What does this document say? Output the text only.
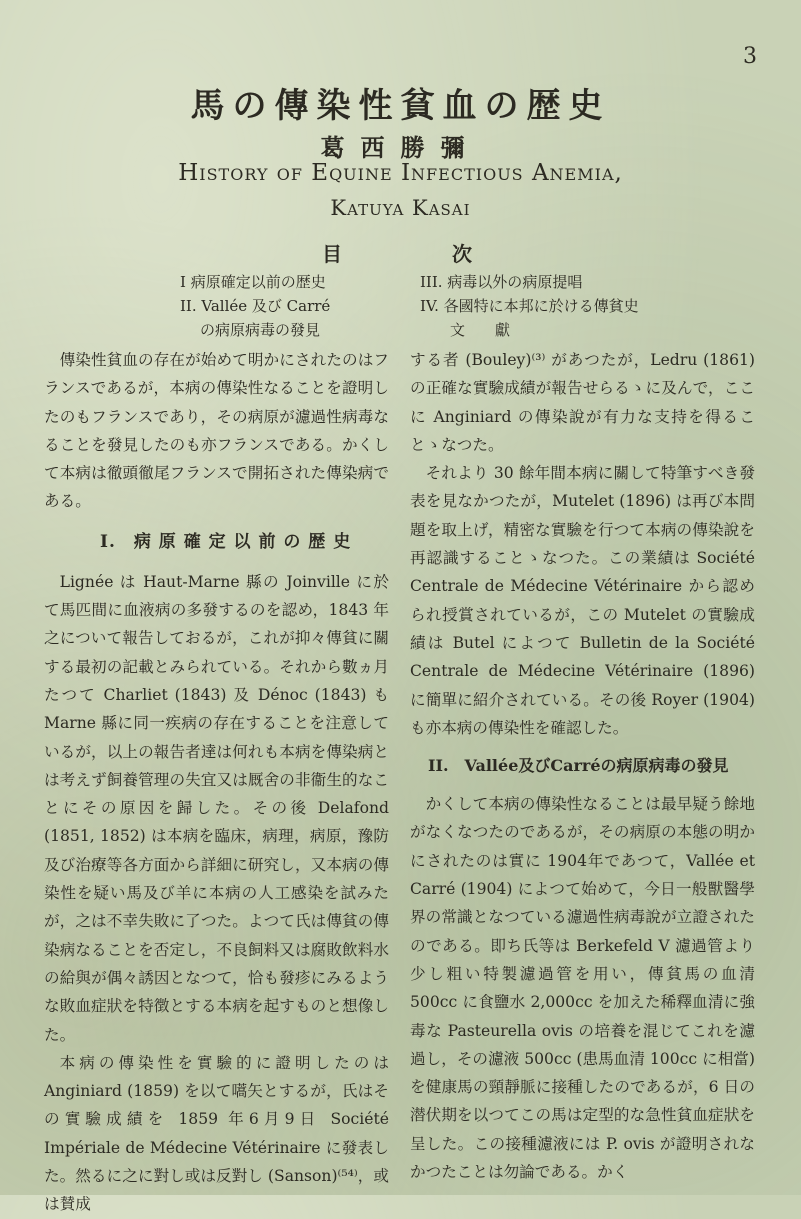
3
馬の傳染性貧血の歴史
葛西勝彌
History of Equine Infectious Anemia,
Katuya Kasai
目	次
I 病原確定以前の歴史
II. Vallée 及び Carré
の病原病毒の發見
III. 病毒以外の病原提唱
IV. 各國特に本邦に於ける傳貧史
文　　獻

傳染性貧血の存在が始めて明かにされたのはフランスであるが，本病の傳染性なることを證明したのもフランスであり，その病原が濾過性病毒なることを發見したのも亦フランスである。かくして本病は徹頭徹尾フランスで開拓された傳染病である。

I.　病 原 確 定 以 前 の 歴 史

Lignée は Haut-Marne 縣の Joinville に於て馬匹間に血液病の多發するのを認め，1843 年之について報告しておるが，これが抑々傳貧に關する最初の記載とみられている。それから數ヵ月たつて Charliet (1843) 及 Dénoc (1843) も Marne 縣に同一疾病の存在することを注意しているが，以上の報告者達は何れも本病を傳染病とは考えず飼養管理の失宜又は厩舍の非衞生的なことにその原因を歸した。その後 Delafond (1851, 1852) は本病を臨床，病理，病原，豫防及び治療等各方面から詳細に研究し，又本病の傳染性を疑い馬及び羊に本病の人工感染を試みたが，之は不幸失敗に了つた。よつて氏は傳貧の傳染病なることを否定し，不良飼料又は腐敗飲料水の給與が偶々誘因となつて，恰も發疹にみるような敗血症狀を特徴とする本病を起すものと想像した。

本病の傳染性を實驗的に證明したのは Anginiard (1859) を以て嚆矢とするが，氏はその實驗成績を 1859 年6月9日 Société Impériale de Médecine Vétérinaire に發表した。然るに之に對し或は反對し (Sanson)⁽⁵⁴⁾，或は賛成

する者 (Bouley)⁽³⁾ があつたが，Ledru (1861) の正確な實驗成績が報告せらるゝに及んで，ここに Anginiard の傳染說が有力な支持を得ることゝなつた。

それより 30 餘年間本病に關して特筆すべき發表を見なかつたが，Mutelet (1896) は再び本問題を取上げ，精密な實驗を行つて本病の傳染說を再認識することゝなつた。この業績は Société Centrale de Médecine Vétérinaire から認められ授賞されているが，この Mutelet の實驗成績は Butel によつて Bulletin de la Société Centrale de Médecine Vétérinaire (1896) に簡單に紹介されている。その後 Royer (1904) も亦本病の傳染性を確認した。

II.　Vallée及びCarréの病原病毒の發見

かくして本病の傳染性なることは最早疑う餘地がなくなつたのであるが，その病原の本態の明かにされたのは實に 1904年であつて，Vallée et Carré (1904) によつて始めて，今日一般獸醫學界の常識となつている濾過性病毒說が立證されたのである。即ち氏等は Berkefeld V 濾過管より少し粗い特製濾過管を用い，傳貧馬の血清 500cc に食鹽水 2,000cc を加えた稀釋血清に強毒な Pasteurella ovis の培養を混じてこれを濾過し，その濾液 500cc (患馬血清 100cc に相當) を健康馬の頸靜脈に接種したのであるが，6 日の潜伏期を以つてこの馬は定型的な急性貧血症狀を呈した。この接種濾液には P. ovis が證明されなかつたことは勿論である。かく
